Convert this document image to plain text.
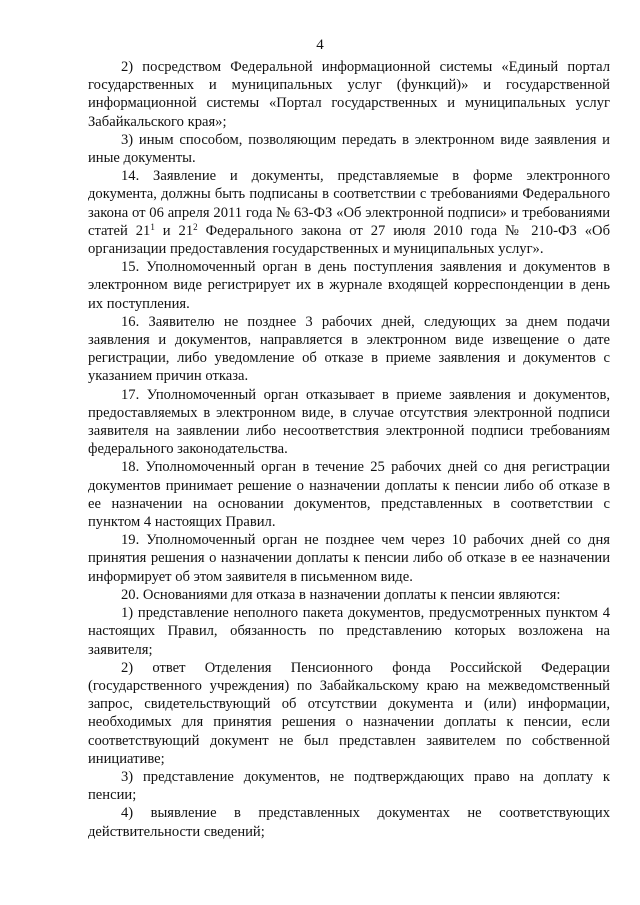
4

2) посредством Федеральной информационной системы «Единый портал государственных и муниципальных услуг (функций)» и государственной информационной системы «Портал государственных и муниципальных услуг Забайкальского края»;

3) иным способом, позволяющим передать в электронном виде заявления и иные документы.

14. Заявление и документы, представляемые в форме электронного документа, должны быть подписаны в соответствии с требованиями Федерального закона от 06 апреля 2011 года № 63-ФЗ «Об электронной подписи» и требованиями статей $21^1$ и $21^2$ Федерального закона от 27 июля 2010 года № 210-ФЗ «Об организации предоставления государственных и муниципальных услуг».

15. Уполномоченный орган в день поступления заявления и документов в электронном виде регистрирует их в журнале входящей корреспонденции в день их поступления.

16. Заявителю не позднее 3 рабочих дней, следующих за днем подачи заявления и документов, направляется в электронном виде извещение о дате регистрации, либо уведомление об отказе в приеме заявления и документов с указанием причин отказа.

17. Уполномоченный орган отказывает в приеме заявления и документов, предоставляемых в электронном виде, в случае отсутствия электронной подписи заявителя на заявлении либо несоответствия электронной подписи требованиям федерального законодательства.

18. Уполномоченный орган в течение 25 рабочих дней со дня регистрации документов принимает решение о назначении доплаты к пенсии либо об отказе в ее назначении на основании документов, представленных в соответствии с пунктом 4 настоящих Правил.

19. Уполномоченный орган не позднее чем через 10 рабочих дней со дня принятия решения о назначении доплаты к пенсии либо об отказе в ее назначении информирует об этом заявителя в письменном виде.

20. Основаниями для отказа в назначении доплаты к пенсии являются:

1) представление неполного пакета документов, предусмотренных пунктом 4 настоящих Правил, обязанность по представлению которых возложена на заявителя;

2) ответ Отделения Пенсионного фонда Российской Федерации (государственного учреждения) по Забайкальскому краю на межведомственный запрос, свидетельствующий об отсутствии документа и (или) информации, необходимых для принятия решения о назначении доплаты к пенсии, если соответствующий документ не был представлен заявителем по собственной инициативе;

3) представление документов, не подтверждающих право на доплату к пенсии;

4) выявление в представленных документах не соответствующих действительности сведений;
